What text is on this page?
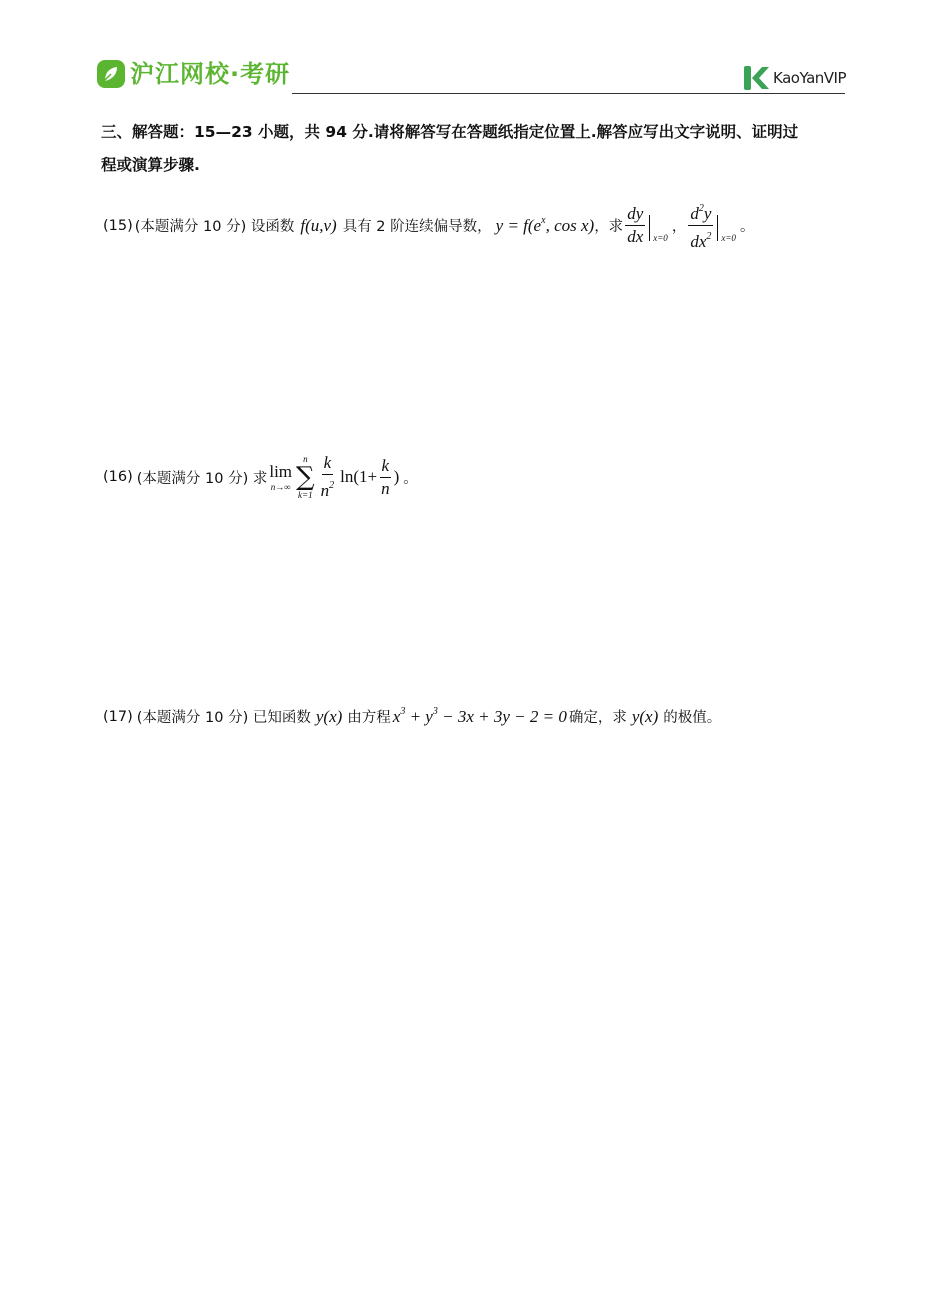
沪江网校·考研	KaoYanVIP
三、解答题：15—23 小题，共 94 分.请将解答写在答题纸指定位置上.解答应写出文字说明、证明过
程或演算步骤.
(15) (本题满分 10 分) 设函数 f(u,v) 具有 2 阶连续偏导数， $y = f(e^x$, cos x) ，求 $\frac{dy}{dx} x=0$
， $\frac{d^2y}{dx^2} x=0$
。
(16) (本题满分 10 分) 求 lim
n→∞
n
∑
$k=1 \frac{k}{n^2} \ln(1+ \frac{k}{n}$ ) 。
(17) (本题满分 10 分) 已知函数 y(x) 由方程 $x^3 + y^3 - 3x + 3y - 2 = 0$ 确定，求 y(x) 的极值。
